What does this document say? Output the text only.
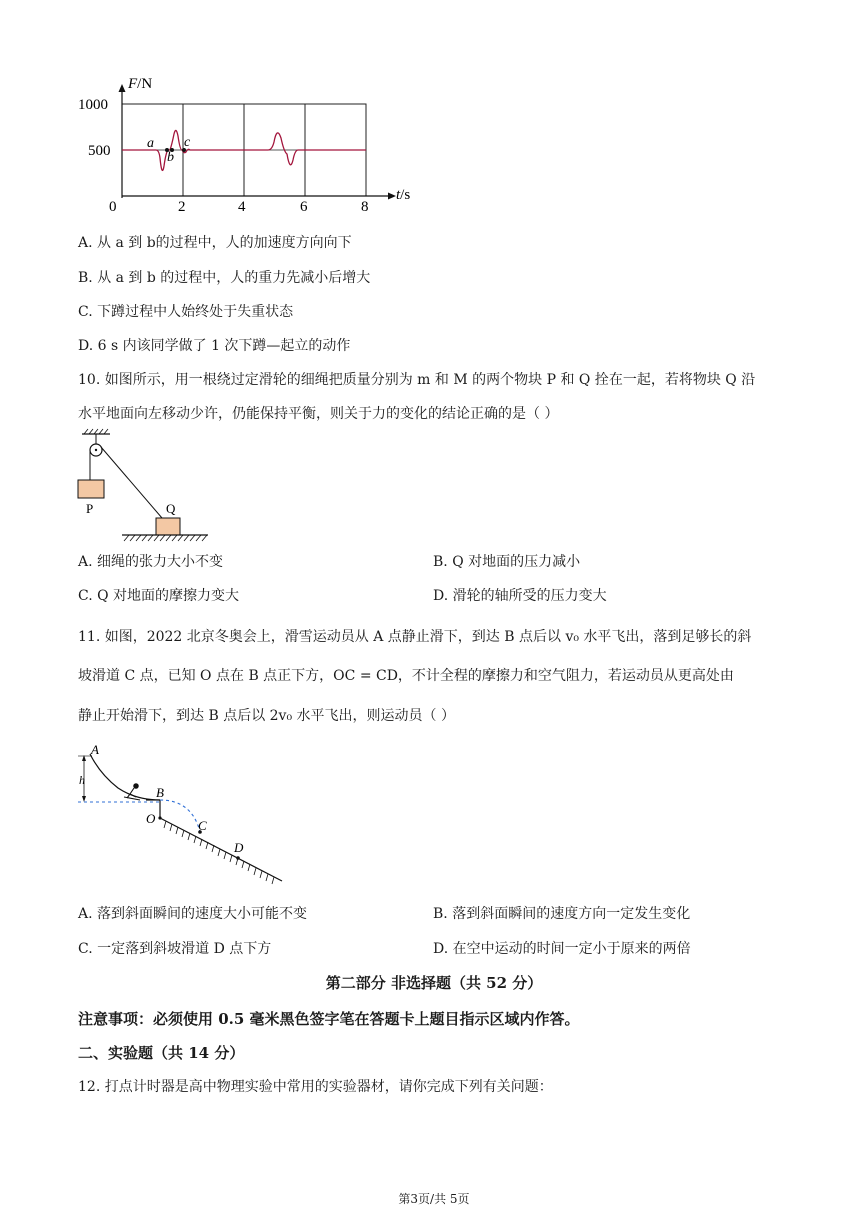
F/N
t/s
1000
500
0	2	4	6	8
a
b
c
A. 从 a 到 b的过程中，人的加速度方向向下
B. 从 a 到 b 的过程中，人的重力先减小后增大
C. 下蹲过程中人始终处于失重状态
D. 6 s 内该同学做了 1 次下蹲—起立的动作
10. 如图所示，用一根绕过定滑轮的细绳把质量分别为 m 和 M 的两个物块 P 和 Q 拴在一起，若将物块 Q 沿
水平地面向左移动少许，仍能保持平衡，则关于力的变化的结论正确的是（ ）
P	Q
A. 细绳的张力大小不变	B. Q 对地面的压力减小
C. Q 对地面的摩擦力变大	D. 滑轮的轴所受的压力变大
11. 如图，2022 北京冬奥会上，滑雪运动员从 A 点静止滑下，到达 B 点后以 v₀ 水平飞出，落到足够长的斜
坡滑道 C 点，已知 O 点在 B 点正下方，OC = CD，不计全程的摩擦力和空气阻力，若运动员从更高处由
静止开始滑下，到达 B 点后以 2v₀ 水平飞出，则运动员（ ）
A
h
B
O	C
D
A. 落到斜面瞬间的速度大小可能不变	B. 落到斜面瞬间的速度方向一定发生变化
C. 一定落到斜坡滑道 D 点下方	D. 在空中运动的时间一定小于原来的两倍
第二部分 非选择题（共 52 分）
注意事项：必须使用 0.5 毫米黑色签字笔在答题卡上题目指示区域内作答。
二、实验题（共 14 分）
12. 打点计时器是高中物理实验中常用的实验器材，请你完成下列有关问题：
第3页/共 5页
